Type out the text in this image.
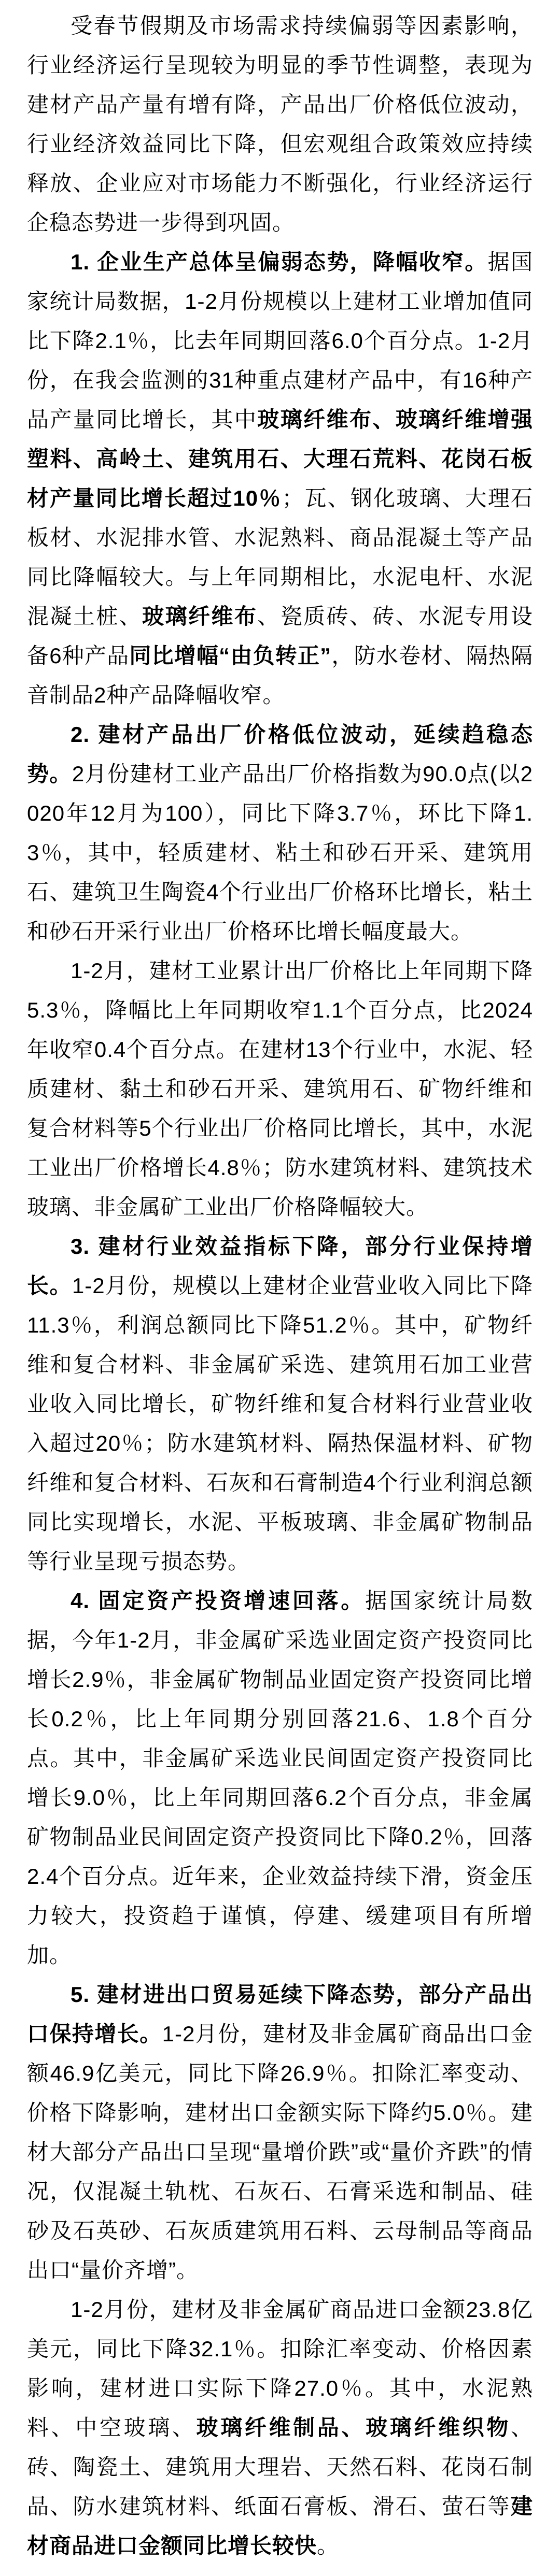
受春节假期及市场需求持续偏弱等因素影响，行业经济运行呈现较为明显的季节性调整，表现为建材产品产量有增有降，产品出厂价格低位波动，行业经济效益同比下降，但宏观组合政策效应持续释放、企业应对市场能力不断强化，行业经济运行企稳态势进一步得到巩固。

1. 企业生产总体呈偏弱态势，降幅收窄。据国家统计局数据，1-2月份规模以上建材工业增加值同比下降2.1％，比去年同期回落6.0个百分点。1-2月份，在我会监测的31种重点建材产品中，有16种产品产量同比增长，其中玻璃纤维布、玻璃纤维增强塑料、高岭土、建筑用石、大理石荒料、花岗石板材产量同比增长超过10％；瓦、钢化玻璃、大理石板材、水泥排水管、水泥熟料、商品混凝土等产品同比降幅较大。与上年同期相比，水泥电杆、水泥混凝土桩、玻璃纤维布、瓷质砖、砖、水泥专用设备6种产品同比增幅“由负转正”，防水卷材、隔热隔音制品2种产品降幅收窄。

2. 建材产品出厂价格低位波动，延续趋稳态势。2月份建材工业产品出厂价格指数为90.0点(以2020年12月为100），同比下降3.7％，环比下降1.3％，其中，轻质建材、粘土和砂石开采、建筑用石、建筑卫生陶瓷4个行业出厂价格环比增长，粘土和砂石开采行业出厂价格环比增长幅度最大。

1-2月，建材工业累计出厂价格比上年同期下降5.3％，降幅比上年同期收窄1.1个百分点，比2024年收窄0.4个百分点。在建材13个行业中，水泥、轻质建材、黏土和砂石开采、建筑用石、矿物纤维和复合材料等5个行业出厂价格同比增长，其中，水泥工业出厂价格增长4.8％；防水建筑材料、建筑技术玻璃、非金属矿工业出厂价格降幅较大。

3. 建材行业效益指标下降，部分行业保持增长。1-2月份，规模以上建材企业营业收入同比下降11.3％，利润总额同比下降51.2％。其中，矿物纤维和复合材料、非金属矿采选、建筑用石加工业营业收入同比增长，矿物纤维和复合材料行业营业收入超过20％；防水建筑材料、隔热保温材料、矿物纤维和复合材料、石灰和石膏制造4个行业利润总额同比实现增长，水泥、平板玻璃、非金属矿物制品等行业呈现亏损态势。

4. 固定资产投资增速回落。据国家统计局数据，今年1-2月，非金属矿采选业固定资产投资同比增长2.9％，非金属矿物制品业固定资产投资同比增长0.2％，比上年同期分别回落21.6、1.8个百分点。其中，非金属矿采选业民间固定资产投资同比增长9.0％，比上年同期回落6.2个百分点，非金属矿物制品业民间固定资产投资同比下降0.2％，回落2.4个百分点。近年来，企业效益持续下滑，资金压力较大，投资趋于谨慎，停建、缓建项目有所增加。

5. 建材进出口贸易延续下降态势，部分产品出口保持增长。1-2月份，建材及非金属矿商品出口金额46.9亿美元，同比下降26.9％。扣除汇率变动、价格下降影响，建材出口金额实际下降约5.0％。建材大部分产品出口呈现“量增价跌”或“量价齐跌”的情况，仅混凝土轨枕、石灰石、石膏采选和制品、硅砂及石英砂、石灰质建筑用石料、云母制品等商品出口“量价齐增”。

1-2月份，建材及非金属矿商品进口金额23.8亿美元，同比下降32.1％。扣除汇率变动、价格因素影响，建材进口实际下降27.0％。其中，水泥熟料、中空玻璃、玻璃纤维制品、玻璃纤维织物、砖、陶瓷土、建筑用大理岩、天然石料、花岗石制品、防水建筑材料、纸面石膏板、滑石、萤石等建材商品进口金额同比增长较快。
